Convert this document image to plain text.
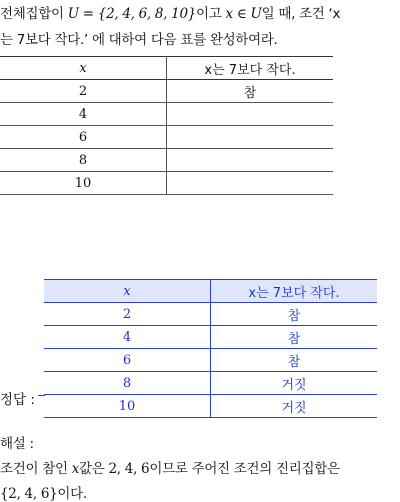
전체집합이 U = {2, 4, 6, 8, 10}이고 x ∈ U일 때, 조건 ‘x
는 7보다 작다.’ 에 대하여 다음 표를 완성하여라.
x	x는 7보다 작다.
2	참
4	
6	
8	
10	
정답 :
x	x는 7보다 작다.
2	참
4	참
6	참
8	거짓
10	거짓
해설 :
조건이 참인 x값은 2, 4, 6이므로 주어진 조건의 진리집합은
{2, 4, 6}이다.
